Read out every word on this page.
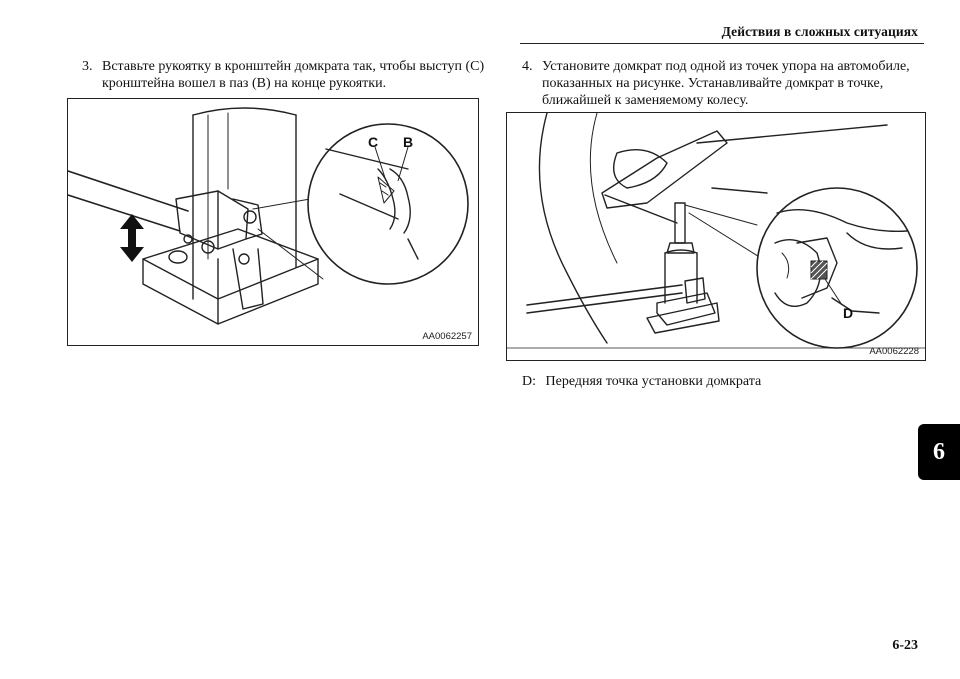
Действия в сложных ситуациях
3. Вставьте рукоятку в кронштейн домкрата так, чтобы выступ (C) кронштейна вошел в паз (B) на конце рукоятки.
4. Установите домкрат под одной из точек упора на автомобиле, показанных на рисунке. Устанавливайте домкрат в точке, ближайшей к заменяемому колесу.
C B
AA0062257
D
AA0062228
D: Передняя точка установки домкрата
6
6-23
